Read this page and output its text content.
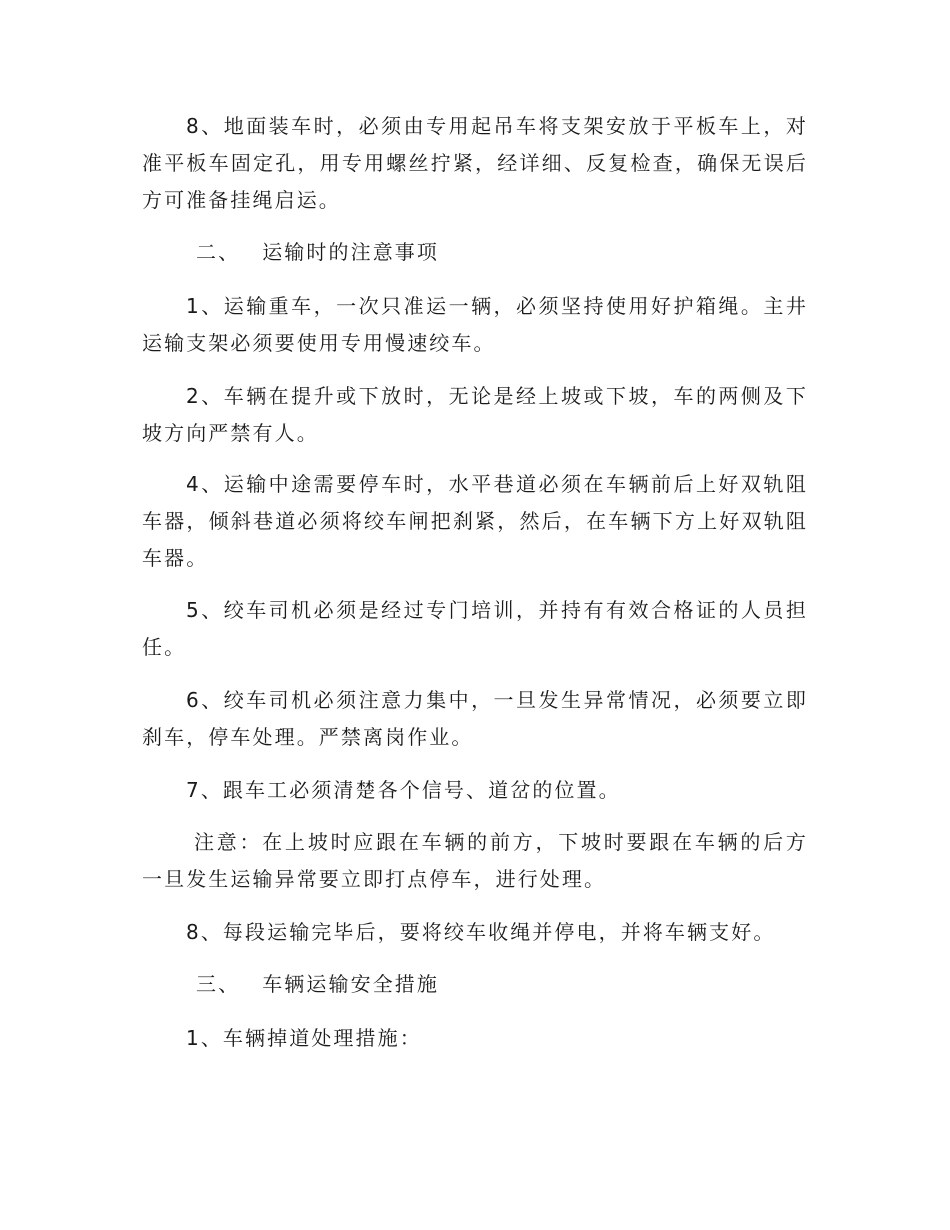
8、地面装车时，必须由专用起吊车将支架安放于平板车上，对准平板车固定孔，用专用螺丝拧紧，经详细、反复检查，确保无误后方可准备挂绳启运。

二、 运输时的注意事项

1、运输重车，一次只准运一辆，必须坚持使用好护箱绳。主井运输支架必须要使用专用慢速绞车。

2、车辆在提升或下放时，无论是经上坡或下坡，车的两侧及下坡方向严禁有人。

4、运输中途需要停车时，水平巷道必须在车辆前后上好双轨阻车器，倾斜巷道必须将绞车闸把刹紧，然后，在车辆下方上好双轨阻车器。

5、绞车司机必须是经过专门培训，并持有有效合格证的人员担任。

6、绞车司机必须注意力集中，一旦发生异常情况，必须要立即刹车，停车处理。严禁离岗作业。

7、跟车工必须清楚各个信号、道岔的位置。

注意：在上坡时应跟在车辆的前方，下坡时要跟在车辆的后方一旦发生运输异常要立即打点停车，进行处理。

8、每段运输完毕后，要将绞车收绳并停电，并将车辆支好。

三、 车辆运输安全措施

1、车辆掉道处理措施：
